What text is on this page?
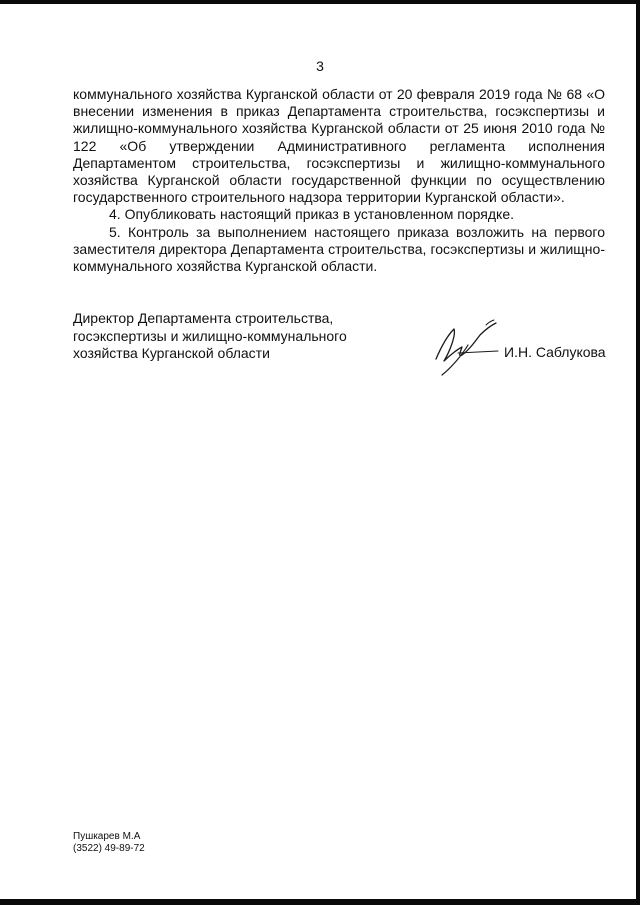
3

коммунального хозяйства Курганской области от 20 февраля 2019 года № 68 «О внесении изменения в приказ Департамента строительства, госэкспертизы и жилищно-коммунального хозяйства Курганской области от 25 июня 2010 года № 122 «Об утверждении Административного регламента исполнения Департаментом строительства, госэкспертизы и жилищно-коммунального хозяйства Курганской области государственной функции по осуществлению государственного строительного надзора территории Курганской области».

4. Опубликовать настоящий приказ в установленном порядке.

5. Контроль за выполнением настоящего приказа возложить на первого заместителя директора Департамента строительства, госэкспертизы и жилищно-коммунального хозяйства Курганской области.

Директор Департамента строительства,
госэкспертизы и жилищно-коммунального
хозяйства Курганской области	И.Н. Саблукова
Пушкарев М.А
(3522) 49-89-72
